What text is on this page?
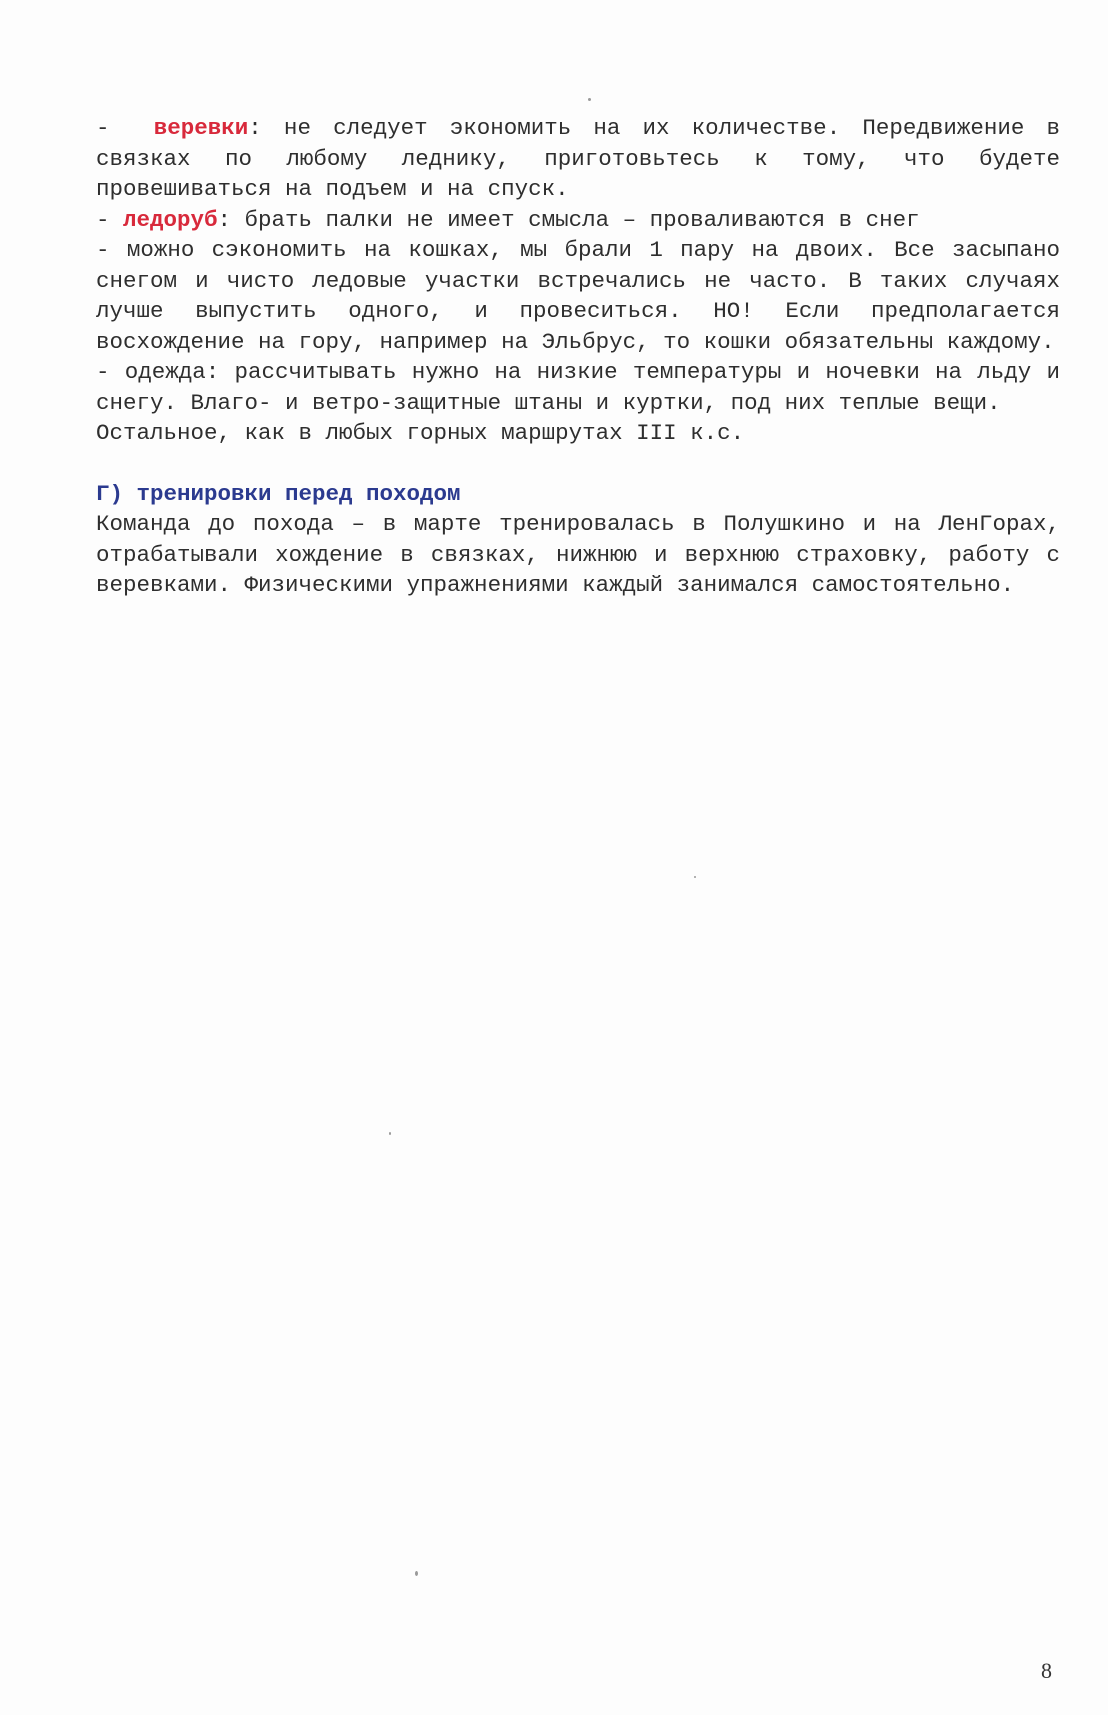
-  веревки: не следует экономить на их количестве. Передвижение в связках по любому леднику, приготовьтесь к тому, что будете провешиваться на подъем и на спуск.

- ледоруб: брать палки не имеет смысла – проваливаются в снег

- можно сэкономить на кошках, мы брали 1 пару на двоих. Все засыпано снегом и чисто ледовые участки встречались не часто. В таких случаях лучше выпустить одного, и провеситься. НО! Если предполагается восхождение на гору, например на Эльбрус, то кошки обязательны каждому.

- одежда: рассчитывать нужно на низкие температуры и ночевки на льду и снегу. Влаго- и ветро-защитные штаны и куртки, под них теплые вещи.

Остальное, как в любых горных маршрутах III к.с.

Г) тренировки перед походом

Команда до похода – в марте тренировалась в Полушкино и на ЛенГорах, отрабатывали хождение в связках, нижнюю и верхнюю страховку, работу с веревками. Физическими упражнениями каждый занимался самостоятельно.

8
